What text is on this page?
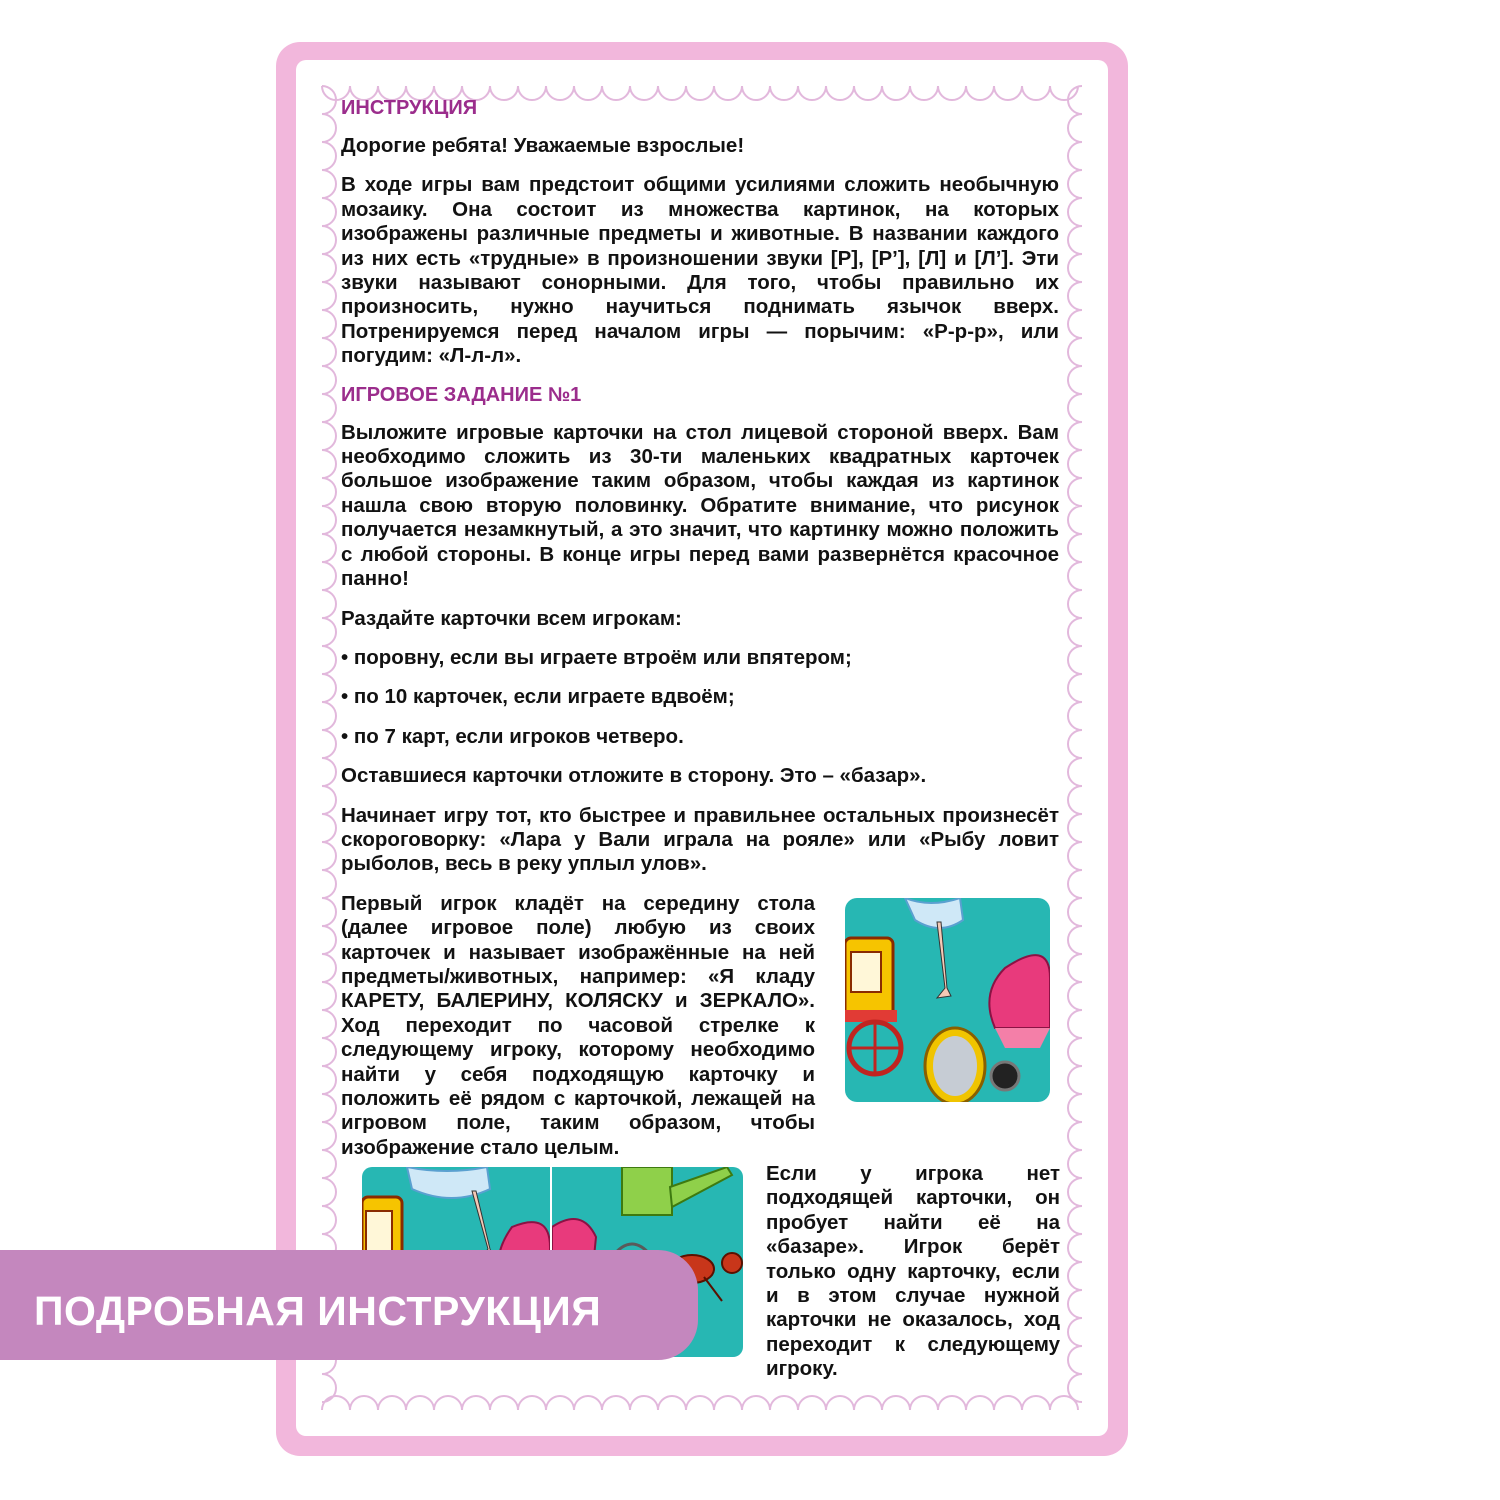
ИНСТРУКЦИЯ

Дорогие ребята! Уважаемые взрослые!

В ходе игры вам предстоит общими усилиями сложить необычную мозаику. Она состоит из множества картинок, на которых изображены различные предметы и животные. В названии каждого из них есть «трудные» в произношении звуки [Р], [Р’], [Л] и [Л’]. Эти звуки называют сонорными. Для того, чтобы правильно их произносить, нужно научиться поднимать язычок вверх. Потренируемся перед началом игры — порычим: «Р-р-р», или погудим: «Л-л-л».

ИГРОВОЕ ЗАДАНИЕ №1

Выложите игровые карточки на стол лицевой стороной вверх. Вам необходимо сложить из 30-ти маленьких квадратных карточек большое изображение таким образом, чтобы каждая из картинок нашла свою вторую половинку. Обратите внимание, что рисунок получается незамкнутый, а это значит, что картинку можно положить с любой стороны. В конце игры перед вами развернётся красочное панно!

Раздайте карточки всем игрокам:

• поровну, если вы играете втроём или впятером;

• по 10 карточек, если играете вдвоём;

• по 7 карт, если игроков четверо.

Оставшиеся карточки отложите в сторону. Это – «базар».

Начинает игру тот, кто быстрее и правильнее остальных произнесёт скороговорку: «Лара у Вали играла на рояле» или «Рыбу ловит рыболов, весь в реку уплыл улов».

Первый игрок кладёт на середину стола (далее игровое поле) любую из своих карточек и называет изображённые на ней предметы/животных, например: «Я кладу КАРЕТУ, БАЛЕРИНУ, КОЛЯСКУ и ЗЕРКАЛО». Ход переходит по часовой стрелке к следующему игроку, которому необходимо найти у себя подходящую карточку и положить её рядом с карточкой, лежащей на игровом поле, таким образом, чтобы изображение стало целым.

Если у игрока нет подходящей карточки, он пробует найти её на «базаре». Игрок берёт только одну карточку, если и в этом случае нужной карточки не оказалось, ход переходит к следующему игроку.

ПОДРОБНАЯ ИНСТРУКЦИЯ
